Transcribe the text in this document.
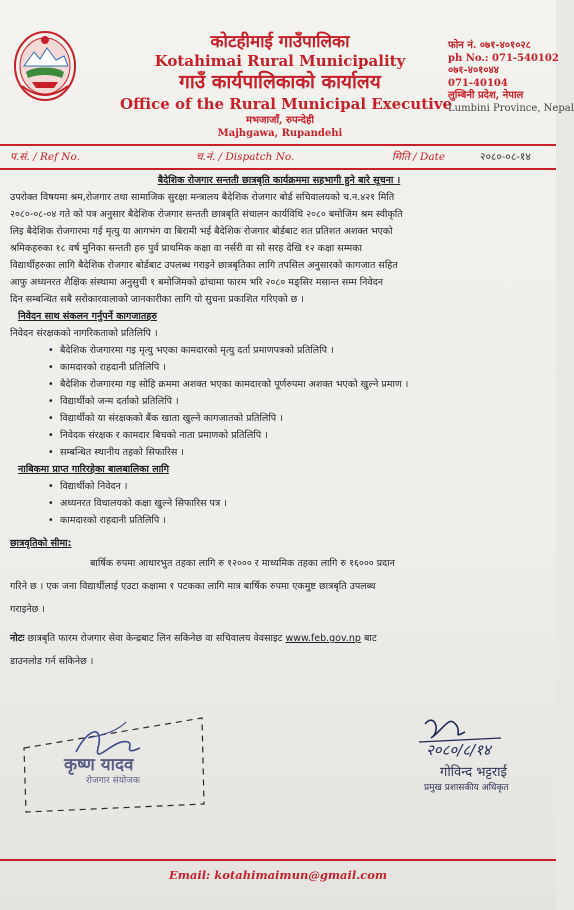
कोटहीमाई गाउँपालिका
Kotahimai Rural Municipality
गाउँ कार्यपालिकाको कार्यालय
Office of the Rural Municipal Executive
मभजाजाँ, रुपन्देही
Majhgawa, Rupandehi
फोन नं. ०७१-४०१०२८
ph No.: 071-540102
०७१-४०१०४४
071-40104
लुम्बिनी प्रदेश, नेपाल
Lumbini Province, Nepal
प.सं. / Ref No.	च.नं. / Dispatch No.	मिति / Date	२०८०-०८-१४
बैदेशिक रोजगार सन्तती छात्रबृति कार्यक्रममा सहभागी हुने बारे सूचना ।
उपरोक्त विषयमा श्रम,रोजगार तथा सामाजिक सुरक्षा मन्त्रालय बैदेशिक रोजगार बोर्ड सचिवालयको च.न.४२१ मिति
२०८०-०८-०४ गते को पत्र अनुसार बैदेशिक रोजगार सन्तती छात्रबृति संचालन कार्यविधि २०८० बमोजिम श्रम स्वीकृति
लिइ बैदेशिक रोजगारमा गई मृत्यु या आगभंग वा बिरामी भई बैदेशिक रोजगार बोर्डबाट शत प्रतिशत अशक्त भएको
श्रमिकहरुका १८ वर्ष मुनिका सन्तती हरु पुर्व प्राथमिक कक्षा वा नर्सरी वा सो सरह देखि १२ कक्षा सम्मका
विद्यार्थीहरुका लागि बैदेशिक रोजगार बोर्डबाट उपलब्ध गराइने छात्रबृतिका लागि तपसिल अनुसारको कागजात सहित
आफु अध्यनरत शैक्षिक संस्थामा अनुसुची १ बमोजिमको ढांचामा फारम भरि २०८० मङ्सिर मसान्त सम्म निवेदन
दिन सम्बन्धित सबै सरोकारवालाको जानकारीका लागि यो सुचना प्रकाशित गरिएको छ ।
निवेदन साथ संकलन गर्नुपर्ने कागजातहरु
निवेदन संरक्षकको नागरिकताको प्रतिलिपि ।
• बैदेशिक रोजगारमा गइ मृत्यु भएका कामदारको मृत्यु दर्ता प्रमाणपत्रको प्रतिलिपि ।
• कामदारको राहदानी प्रतिलिपि ।
• बैदेशिक रोजगारमा गइ सोहि क्रममा अशक्त भएका कामदारको पूर्णरुपमा अशक्त भएको खुल्ने प्रमाण ।
• विद्यार्थीको जन्म दर्ताको प्रतिलिपि ।
• विद्यार्थीको या संरक्षकको बैंक खाता खुल्ने कागजातको प्रतिलिपि ।
• निवेदक संरक्षक र कामदार बिचको नाता प्रमाणको प्रतिलिपि ।
• सम्बन्धित स्थानीय तहको सिफारिस ।
नाबिकमा प्राप्त गारिरहेका बालबालिका लागि
• विद्यार्थीको निवेदन ।
• अध्यनरत विधालयको कक्षा खुल्ने सिफारिस पत्र ।
• कामदारको राहदानी प्रतिलिपि ।
छात्रवृतिको सीमा:
बार्षिक रुपमा आधारभुत तहका लागि रु १२००० र माध्यमिक तहका लागि रु १६००० प्रदान
गरिने छ । एक जना विद्यार्थीलाई एउटा कक्षामा १ पटकका लागि मात्र बार्षिक रुपमा एकमुष्ट छात्रबृति उपलब्ध
गराइनेछ ।
नोटः छात्रबृति फारम रोजगार सेवा केन्द्रबाट लिन सकिनेछ वा सचिवालय वेवसाइट www.feb.gov.np बाट
डाउनलोड गर्न सकिनेछ ।
कृष्ण यादव
रोजगार संयोजक
२०८०/८/१४
गोविन्द भट्टराई
प्रमुख प्रशासकीय अधिकृत
Email: kotahimaimun@gmail.com
